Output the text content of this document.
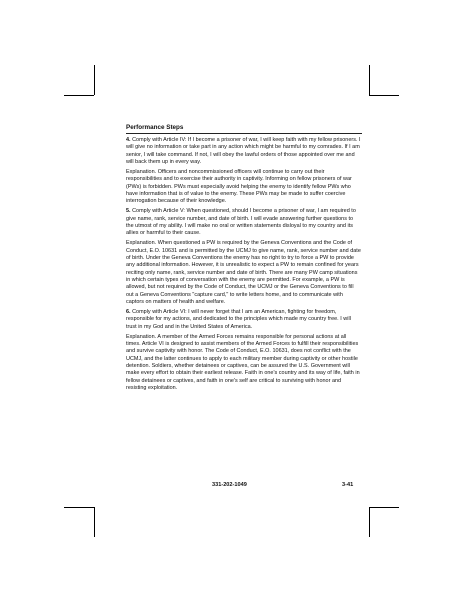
Performance Steps

4. Comply with Article IV: If I become a prisoner of war, I will keep faith with my fellow prisoners. I will give no information or take part in any action which might be harmful to my comrades. If I am senior, I will take command. If not, I will obey the lawful orders of those appointed over me and will back them up in every way.

Explanation. Officers and noncommissioned officers will continue to carry out their responsibilities and to exercise their authority in captivity. Informing on fellow prisoners of war (PWs) is forbidden. PWs must especially avoid helping the enemy to identify fellow PWs who have information that is of value to the enemy. These PWs may be made to suffer coercive interrogation because of their knowledge.

5. Comply with Article V: When questioned, should I become a prisoner of war, I am required to give name, rank, service number, and date of birth. I will evade answering further questions to the utmost of my ability. I will make no oral or written statements disloyal to my country and its allies or harmful to their cause.

Explanation. When questioned a PW is required by the Geneva Conventions and the Code of Conduct, E.O. 10631 and is permitted by the UCMJ to give name, rank, service number and date of birth. Under the Geneva Conventions the enemy has no right to try to force a PW to provide any additional information. However, it is unrealistic to expect a PW to remain confined for years reciting only name, rank, service number and date of birth. There are many PW camp situations in which certain types of conversation with the enemy are permitted. For example, a PW is allowed, but not required by the Code of Conduct, the UCMJ or the Geneva Conventions to fill out a Geneva Conventions "capture card," to write letters home, and to communicate with captors on matters of health and welfare.

6. Comply with Article VI: I will never forget that I am an American, fighting for freedom, responsible for my actions, and dedicated to the principles which made my country free. I will trust in my God and in the United States of America.

Explanation. A member of the Armed Forces remains responsible for personal actions at all times. Article VI is designed to assist members of the Armed Forces to fulfill their responsibilities and survive captivity with honor. The Code of Conduct, E.O. 10631, does not conflict with the UCMJ, and the latter continues to apply to each military member during captivity or other hostile detention. Soldiers, whether detainees or captives, can be assured the U.S. Government will make every effort to obtain their earliest release. Faith in one's country and its way of life, faith in fellow detainees or captives, and faith in one's self are critical to surviving with honor and resisting exploitation.

331-202-1049	3-41
